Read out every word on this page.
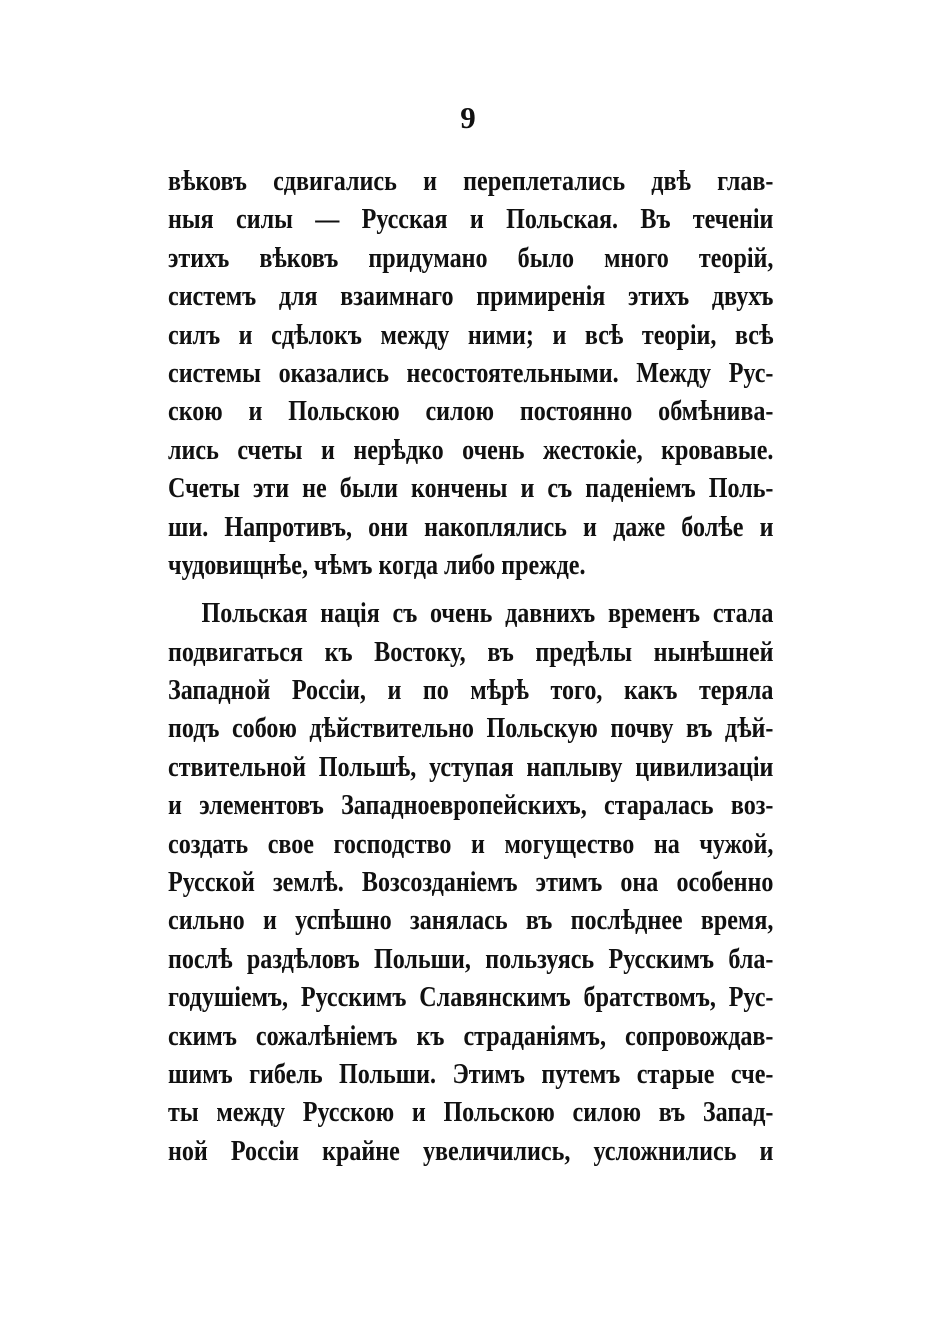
9
вѣковъ сдвигались и переплетались двѣ глав-
ныя силы — Русская и Польская. Въ теченіи
этихъ вѣковъ придумано было много теорій,
системъ для взаимнаго примиренія этихъ двухъ
силъ и сдѣлокъ между ними; и всѣ теоріи, всѣ
системы оказались несостоятельными. Между Рус-
скою и Польскою силою постоянно обмѣнива-
лись счеты и нерѣдко очень жестокіе, кровавые.
Счеты эти не были кончены и съ паденіемъ Поль-
ши. Напротивъ, они накоплялись и даже болѣе и
чудовищнѣе, чѣмъ когда либо прежде.
Польская нація съ очень давнихъ временъ стала
подвигаться къ Востоку, въ предѣлы нынѣшней
Западной Россіи, и по мѣрѣ того, какъ теряла
подъ собою дѣйствительно Польскую почву въ дѣй-
ствительной Польшѣ, уступая наплыву цивилизаціи
и элементовъ Западноевропейскихъ, старалась воз-
создать свое господство и могущество на чужой,
Русской землѣ. Возсозданіемъ этимъ она особенно
сильно и успѣшно занялась въ послѣднее время,
послѣ раздѣловъ Польши, пользуясь Русскимъ бла-
годушіемъ, Русскимъ Славянскимъ братствомъ, Рус-
скимъ сожалѣніемъ къ страданіямъ, сопровождав-
шимъ гибель Польши. Этимъ путемъ старые сче-
ты между Русскою и Польскою силою въ Запад-
ной Россіи крайне увеличились, усложнились и
